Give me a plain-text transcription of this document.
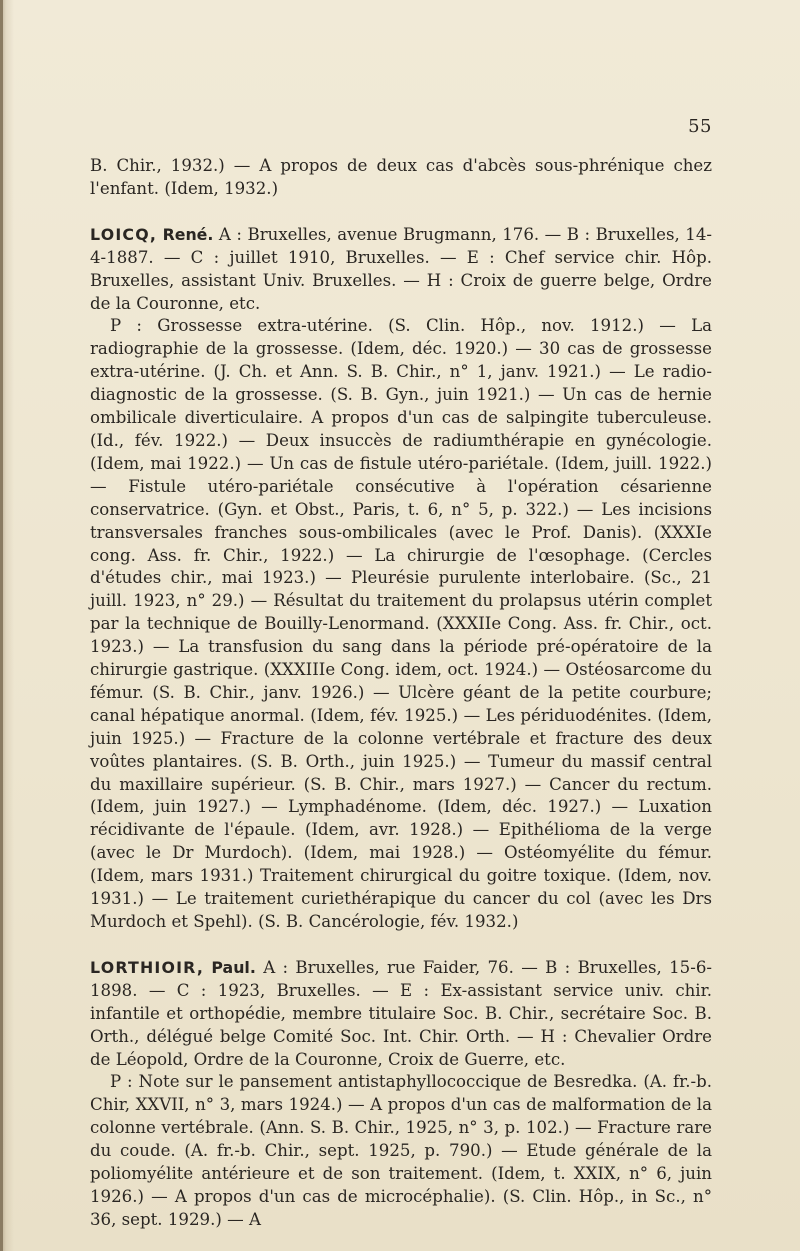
55

B. Chir., 1932.) — A propos de deux cas d'abcès sous-phrénique chez l'enfant. (Idem, 1932.)

LOICQ, René. A : Bruxelles, avenue Brugmann, 176. — B : Bruxelles, 14-4-1887. — C : juillet 1910, Bruxelles. — E : Chef service chir. Hôp. Bruxelles, assistant Univ. Bruxelles. — H : Croix de guerre belge, Ordre de la Couronne, etc.

P : Grossesse extra-utérine. (S. Clin. Hôp., nov. 1912.) — La radiographie de la grossesse. (Idem, déc. 1920.) — 30 cas de grossesse extra-utérine. (J. Ch. et Ann. S. B. Chir., n° 1, janv. 1921.) — Le radio-diagnostic de la grossesse. (S. B. Gyn., juin 1921.) — Un cas de hernie ombilicale diverticulaire. A propos d'un cas de salpingite tuberculeuse. (Id., fév. 1922.) — Deux insuccès de radiumthérapie en gynécologie. (Idem, mai 1922.) — Un cas de fistule utéro-pariétale. (Idem, juill. 1922.) — Fistule utéro-pariétale consécutive à l'opération césarienne conservatrice. (Gyn. et Obst., Paris, t. 6, n° 5, p. 322.) — Les incisions transversales franches sous-ombilicales (avec le Prof. Danis). (XXXIe cong. Ass. fr. Chir., 1922.) — La chirurgie de l'œsophage. (Cercles d'études chir., mai 1923.) — Pleurésie purulente interlobaire. (Sc., 21 juill. 1923, n° 29.) — Résultat du traitement du prolapsus utérin complet par la technique de Bouilly-Lenormand. (XXXIIe Cong. Ass. fr. Chir., oct. 1923.) — La transfusion du sang dans la période pré-opératoire de la chirurgie gastrique. (XXXIIIe Cong. idem, oct. 1924.) — Ostéosarcome du fémur. (S. B. Chir., janv. 1926.) — Ulcère géant de la petite courbure; canal hépatique anormal. (Idem, fév. 1925.) — Les périduodénites. (Idem, juin 1925.) — Fracture de la colonne vertébrale et fracture des deux voûtes plantaires. (S. B. Orth., juin 1925.) — Tumeur du massif central du maxillaire supérieur. (S. B. Chir., mars 1927.) — Cancer du rectum. (Idem, juin 1927.) — Lymphadénome. (Idem, déc. 1927.) — Luxation récidivante de l'épaule. (Idem, avr. 1928.) — Epithélioma de la verge (avec le Dr Murdoch). (Idem, mai 1928.) — Ostéomyélite du fémur. (Idem, mars 1931.) Traitement chirurgical du goitre toxique. (Idem, nov. 1931.) — Le traitement curiethérapique du cancer du col (avec les Drs Murdoch et Spehl). (S. B. Cancérologie, fév. 1932.)

LORTHIOIR, Paul. A : Bruxelles, rue Faider, 76. — B : Bruxelles, 15-6-1898. — C : 1923, Bruxelles. — E : Ex-assistant service univ. chir. infantile et orthopédie, membre titulaire Soc. B. Chir., secrétaire Soc. B. Orth., délégué belge Comité Soc. Int. Chir. Orth. — H : Chevalier Ordre de Léopold, Ordre de la Couronne, Croix de Guerre, etc.

P : Note sur le pansement antistaphyllococcique de Besredka. (A. fr.-b. Chir, XXVII, n° 3, mars 1924.) — A propos d'un cas de malformation de la colonne vertébrale. (Ann. S. B. Chir., 1925, n° 3, p. 102.) — Fracture rare du coude. (A. fr.-b. Chir., sept. 1925, p. 790.) — Etude générale de la poliomyélite antérieure et de son traitement. (Idem, t. XXIX, n° 6, juin 1926.) — A propos d'un cas de microcéphalie). (S. Clin. Hôp., in Sc., n° 36, sept. 1929.) — A
